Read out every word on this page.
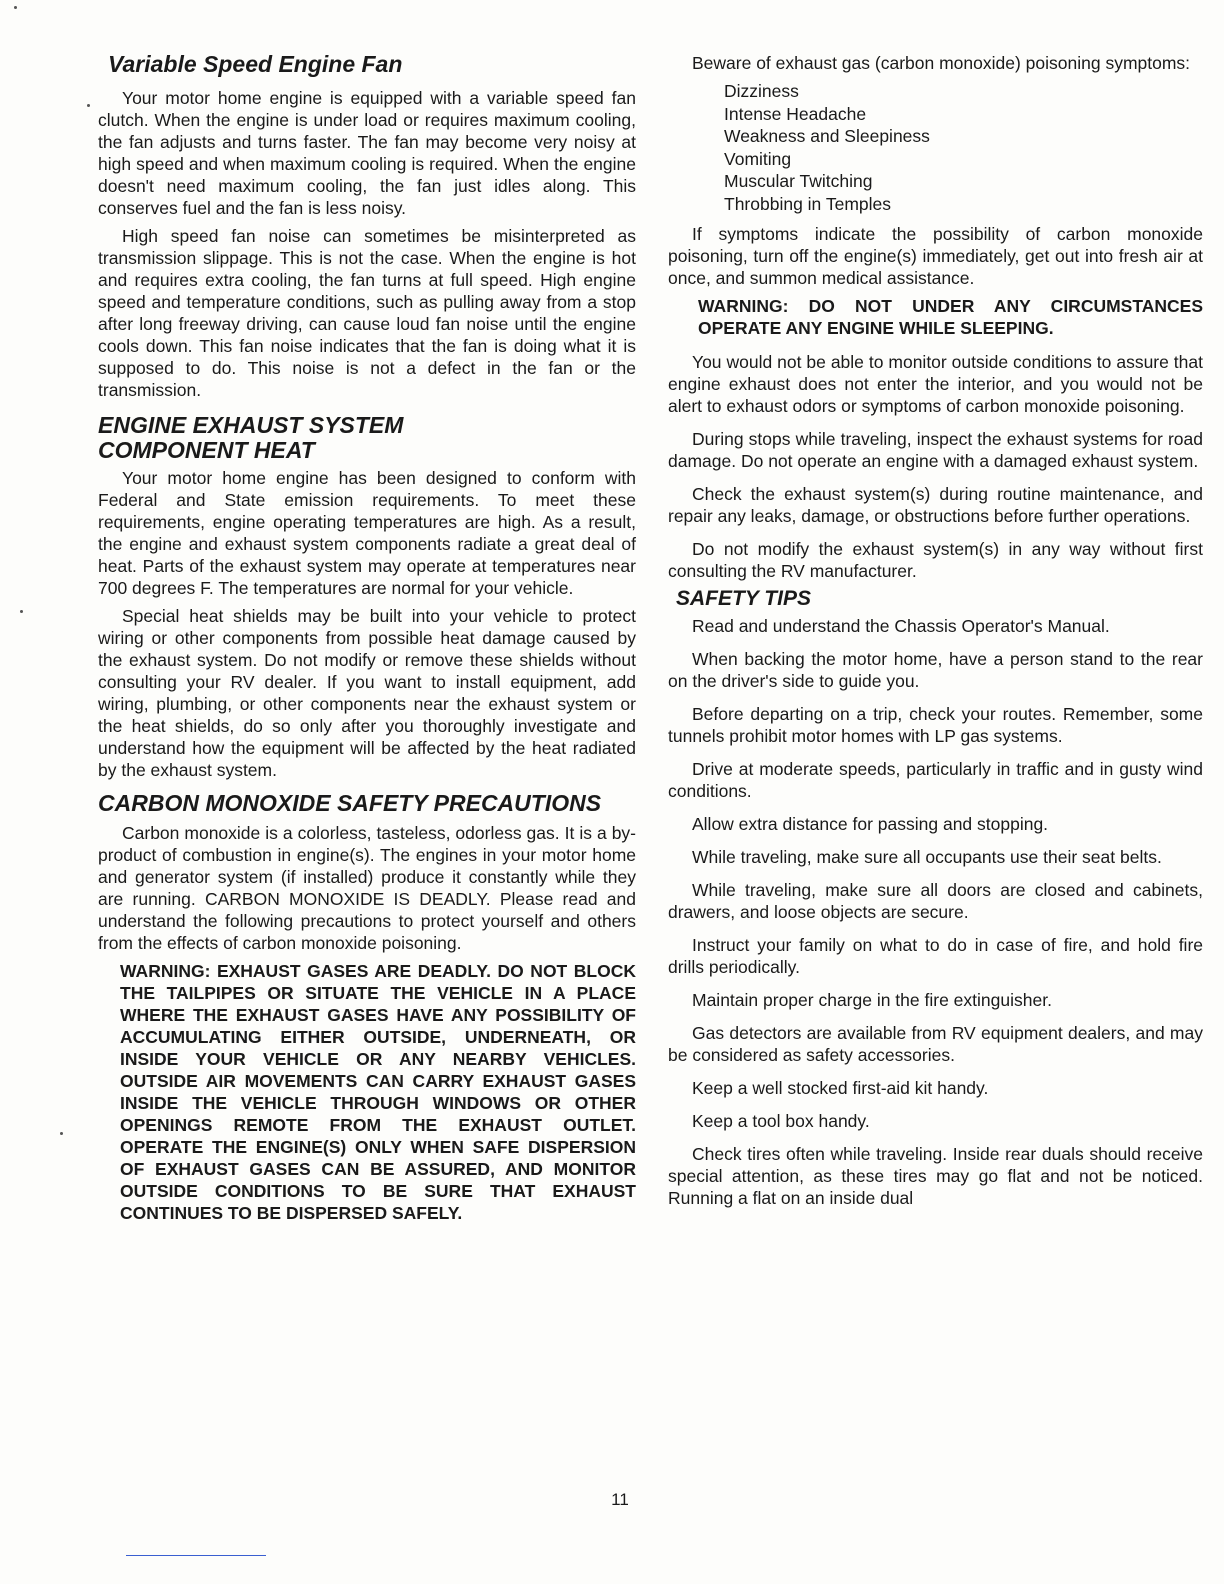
Variable Speed Engine Fan

Your motor home engine is equipped with a variable speed fan clutch. When the engine is under load or requires maximum cooling, the fan adjusts and turns faster. The fan may become very noisy at high speed and when maximum cooling is required. When the engine doesn't need maximum cooling, the fan just idles along. This conserves fuel and the fan is less noisy.

High speed fan noise can sometimes be misinterpreted as transmission slippage. This is not the case. When the engine is hot and requires extra cooling, the fan turns at full speed. High engine speed and temperature conditions, such as pulling away from a stop after long freeway driving, can cause loud fan noise until the engine cools down. This fan noise indicates that the fan is doing what it is supposed to do. This noise is not a defect in the fan or the transmission.

ENGINE EXHAUST SYSTEM
COMPONENT HEAT

Your motor home engine has been designed to conform with Federal and State emission requirements. To meet these requirements, engine operating temperatures are high. As a result, the engine and exhaust system components radiate a great deal of heat. Parts of the exhaust system may operate at temperatures near 700 degrees F. The temperatures are normal for your vehicle.

Special heat shields may be built into your vehicle to protect wiring or other components from possible heat damage caused by the exhaust system. Do not modify or remove these shields without consulting your RV dealer. If you want to install equipment, add wiring, plumbing, or other components near the exhaust system or the heat shields, do so only after you thoroughly investigate and understand how the equipment will be affected by the heat radiated by the exhaust system.

CARBON MONOXIDE SAFETY PRECAUTIONS

Carbon monoxide is a colorless, tasteless, odorless gas. It is a by-product of combustion in engine(s). The engines in your motor home and generator system (if installed) produce it constantly while they are running. CARBON MONOXIDE IS DEADLY. Please read and understand the following precautions to protect yourself and others from the effects of carbon monoxide poisoning.

WARNING: EXHAUST GASES ARE DEADLY. DO NOT BLOCK THE TAILPIPES OR SITUATE THE VEHICLE IN A PLACE WHERE THE EXHAUST GASES HAVE ANY POSSIBILITY OF ACCUMULATING EITHER OUTSIDE, UNDERNEATH, OR INSIDE YOUR VEHICLE OR ANY NEARBY VEHICLES. OUTSIDE AIR MOVEMENTS CAN CARRY EXHAUST GASES INSIDE THE VEHICLE THROUGH WINDOWS OR OTHER OPENINGS REMOTE FROM THE EXHAUST OUTLET. OPERATE THE ENGINE(S) ONLY WHEN SAFE DISPERSION OF EXHAUST GASES CAN BE ASSURED, AND MONITOR OUTSIDE CONDITIONS TO BE SURE THAT EXHAUST CONTINUES TO BE DISPERSED SAFELY.

Beware of exhaust gas (carbon monoxide) poisoning symptoms:

Dizziness
Intense Headache
Weakness and Sleepiness
Vomiting
Muscular Twitching
Throbbing in Temples

If symptoms indicate the possibility of carbon monoxide poisoning, turn off the engine(s) immediately, get out into fresh air at once, and summon medical assistance.

WARNING: DO NOT UNDER ANY CIRCUMSTANCES OPERATE ANY ENGINE WHILE SLEEPING.

You would not be able to monitor outside conditions to assure that engine exhaust does not enter the interior, and you would not be alert to exhaust odors or symptoms of carbon monoxide poisoning.

During stops while traveling, inspect the exhaust systems for road damage. Do not operate an engine with a damaged exhaust system.

Check the exhaust system(s) during routine maintenance, and repair any leaks, damage, or obstructions before further operations.

Do not modify the exhaust system(s) in any way without first consulting the RV manufacturer.

SAFETY TIPS

Read and understand the Chassis Operator's Manual.

When backing the motor home, have a person stand to the rear on the driver's side to guide you.

Before departing on a trip, check your routes. Remember, some tunnels prohibit motor homes with LP gas systems.

Drive at moderate speeds, particularly in traffic and in gusty wind conditions.

Allow extra distance for passing and stopping.

While traveling, make sure all occupants use their seat belts.

While traveling, make sure all doors are closed and cabinets, drawers, and loose objects are secure.

Instruct your family on what to do in case of fire, and hold fire drills periodically.

Maintain proper charge in the fire extinguisher.

Gas detectors are available from RV equipment dealers, and may be considered as safety accessories.

Keep a well stocked first-aid kit handy.

Keep a tool box handy.

Check tires often while traveling. Inside rear duals should receive special attention, as these tires may go flat and not be noticed. Running a flat on an inside dual

11
